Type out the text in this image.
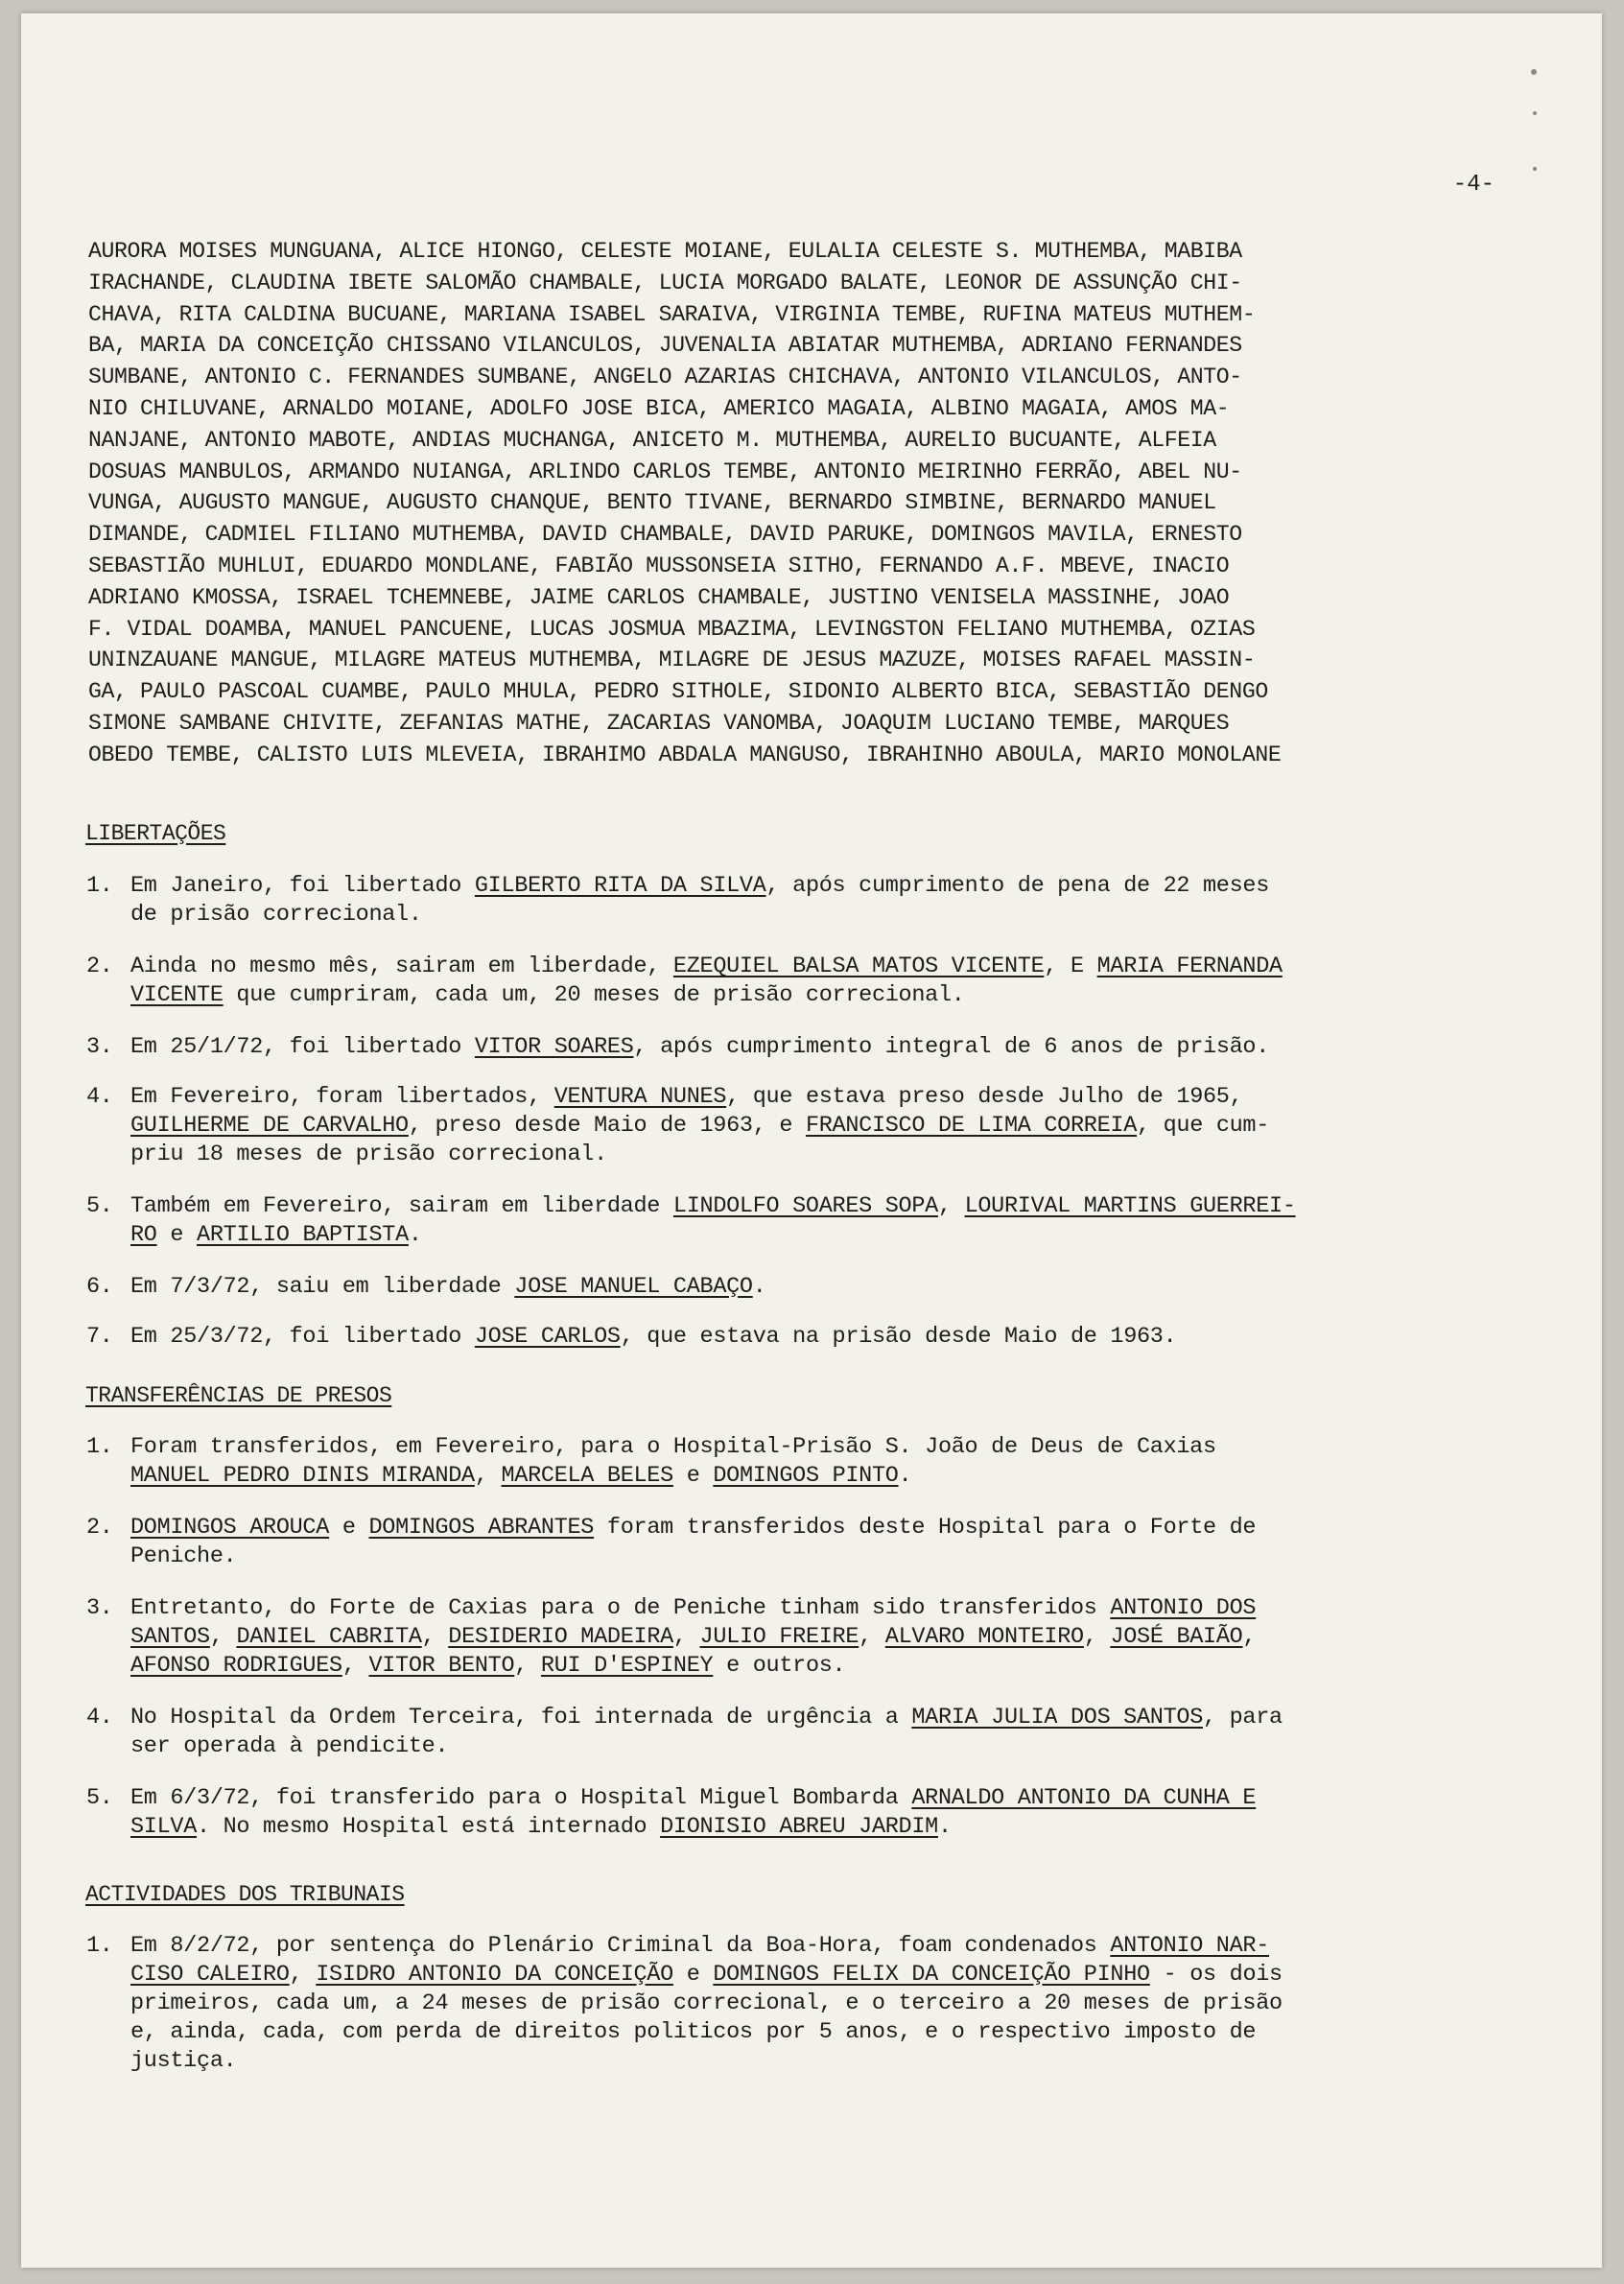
-4-
AURORA MOISES MUNGUANA, ALICE HIONGO, CELESTE MOIANE, EULALIA CELESTE S. MUTHEMBA, MABIBA
IRACHANDE, CLAUDINA IBETE SALOMÃO CHAMBALE, LUCIA MORGADO BALATE, LEONOR DE ASSUNÇÃO CHI-
CHAVA, RITA CALDINA BUCUANE, MARIANA ISABEL SARAIVA, VIRGINIA TEMBE, RUFINA MATEUS MUTHEM-
BA, MARIA DA CONCEIÇÃO CHISSANO VILANCULOS, JUVENALIA ABIATAR MUTHEMBA, ADRIANO FERNANDES
SUMBANE, ANTONIO C. FERNANDES SUMBANE, ANGELO AZARIAS CHICHAVA, ANTONIO VILANCULOS, ANTO-
NIO CHILUVANE, ARNALDO MOIANE, ADOLFO JOSE BICA, AMERICO MAGAIA, ALBINO MAGAIA, AMOS MA-
NANJANE, ANTONIO MABOTE, ANDIAS MUCHANGA, ANICETO M. MUTHEMBA, AURELIO BUCUANTE, ALFEIA
DOSUAS MANBULOS, ARMANDO NUIANGA, ARLINDO CARLOS TEMBE, ANTONIO MEIRINHO FERRÃO, ABEL NU-
VUNGA, AUGUSTO MANGUE, AUGUSTO CHANQUE, BENTO TIVANE, BERNARDO SIMBINE, BERNARDO MANUEL
DIMANDE, CADMIEL FILIANO MUTHEMBA, DAVID CHAMBALE, DAVID PARUKE, DOMINGOS MAVILA, ERNESTO
SEBASTIÃO MUHLUI, EDUARDO MONDLANE, FABIÃO MUSSONSEIA SITHO, FERNANDO A.F. MBEVE, INACIO
ADRIANO KMOSSA, ISRAEL TCHEMNEBE, JAIME CARLOS CHAMBALE, JUSTINO VENISELA MASSINHE, JOAO
F. VIDAL DOAMBA, MANUEL PANCUENE, LUCAS JOSMUA MBAZIMA, LEVINGSTON FELIANO MUTHEMBA, OZIAS
UNINZAUANE MANGUE, MILAGRE MATEUS MUTHEMBA, MILAGRE DE JESUS MAZUZE, MOISES RAFAEL MASSIN-
GA, PAULO PASCOAL CUAMBE, PAULO MHULA, PEDRO SITHOLE, SIDONIO ALBERTO BICA, SEBASTIÃO DENGO
SIMONE SAMBANE CHIVITE, ZEFANIAS MATHE, ZACARIAS VANOMBA, JOAQUIM LUCIANO TEMBE, MARQUES
OBEDO TEMBE, CALISTO LUIS MLEVEIA, IBRAHIMO ABDALA MANGUSO, IBRAHINHO ABOULA, MARIO MONOLANE
LIBERTAÇÕES
1. Em Janeiro, foi libertado GILBERTO RITA DA SILVA, após cumprimento de pena de 22 meses
de prisão correcional.
2. Ainda no mesmo mês, sairam em liberdade, EZEQUIEL BALSA MATOS VICENTE, E MARIA FERNANDA
VICENTE que cumpriram, cada um, 20 meses de prisão correcional.
3. Em 25/1/72, foi libertado VITOR SOARES, após cumprimento integral de 6 anos de prisão.
4. Em Fevereiro, foram libertados, VENTURA NUNES, que estava preso desde Julho de 1965,
GUILHERME DE CARVALHO, preso desde Maio de 1963, e FRANCISCO DE LIMA CORREIA, que cum-
priu 18 meses de prisão correcional.
5. Também em Fevereiro, sairam em liberdade LINDOLFO SOARES SOPA, LOURIVAL MARTINS GUERREI-
RO e ARTILIO BAPTISTA.
6. Em 7/3/72, saiu em liberdade JOSE MANUEL CABAÇO.
7. Em 25/3/72, foi libertado JOSE CARLOS, que estava na prisão desde Maio de 1963.
TRANSFERÊNCIAS DE PRESOS
1. Foram transferidos, em Fevereiro, para o Hospital-Prisão S. João de Deus de Caxias
MANUEL PEDRO DINIS MIRANDA, MARCELA BELES e DOMINGOS PINTO.
2. DOMINGOS AROUCA e DOMINGOS ABRANTES foram transferidos deste Hospital para o Forte de
Peniche.
3. Entretanto, do Forte de Caxias para o de Peniche tinham sido transferidos ANTONIO DOS
SANTOS, DANIEL CABRITA, DESIDERIO MADEIRA, JULIO FREIRE, ALVARO MONTEIRO, JOSÉ BAIÃO,
AFONSO RODRIGUES, VITOR BENTO, RUI D'ESPINEY e outros.
4. No Hospital da Ordem Terceira, foi internada de urgência a MARIA JULIA DOS SANTOS, para
ser operada à pendicite.
5. Em 6/3/72, foi transferido para o Hospital Miguel Bombarda ARNALDO ANTONIO DA CUNHA E
SILVA. No mesmo Hospital está internado DIONISIO ABREU JARDIM.
ACTIVIDADES DOS TRIBUNAIS
1. Em 8/2/72, por sentença do Plenário Criminal da Boa-Hora, foam condenados ANTONIO NAR-
CISO CALEIRO, ISIDRO ANTONIO DA CONCEIÇÃO e DOMINGOS FELIX DA CONCEIÇÃO PINHO - os dois
primeiros, cada um, a 24 meses de prisão correcional, e o terceiro a 20 meses de prisão
e, ainda, cada, com perda de direitos politicos por 5 anos, e o respectivo imposto de
justiça.
